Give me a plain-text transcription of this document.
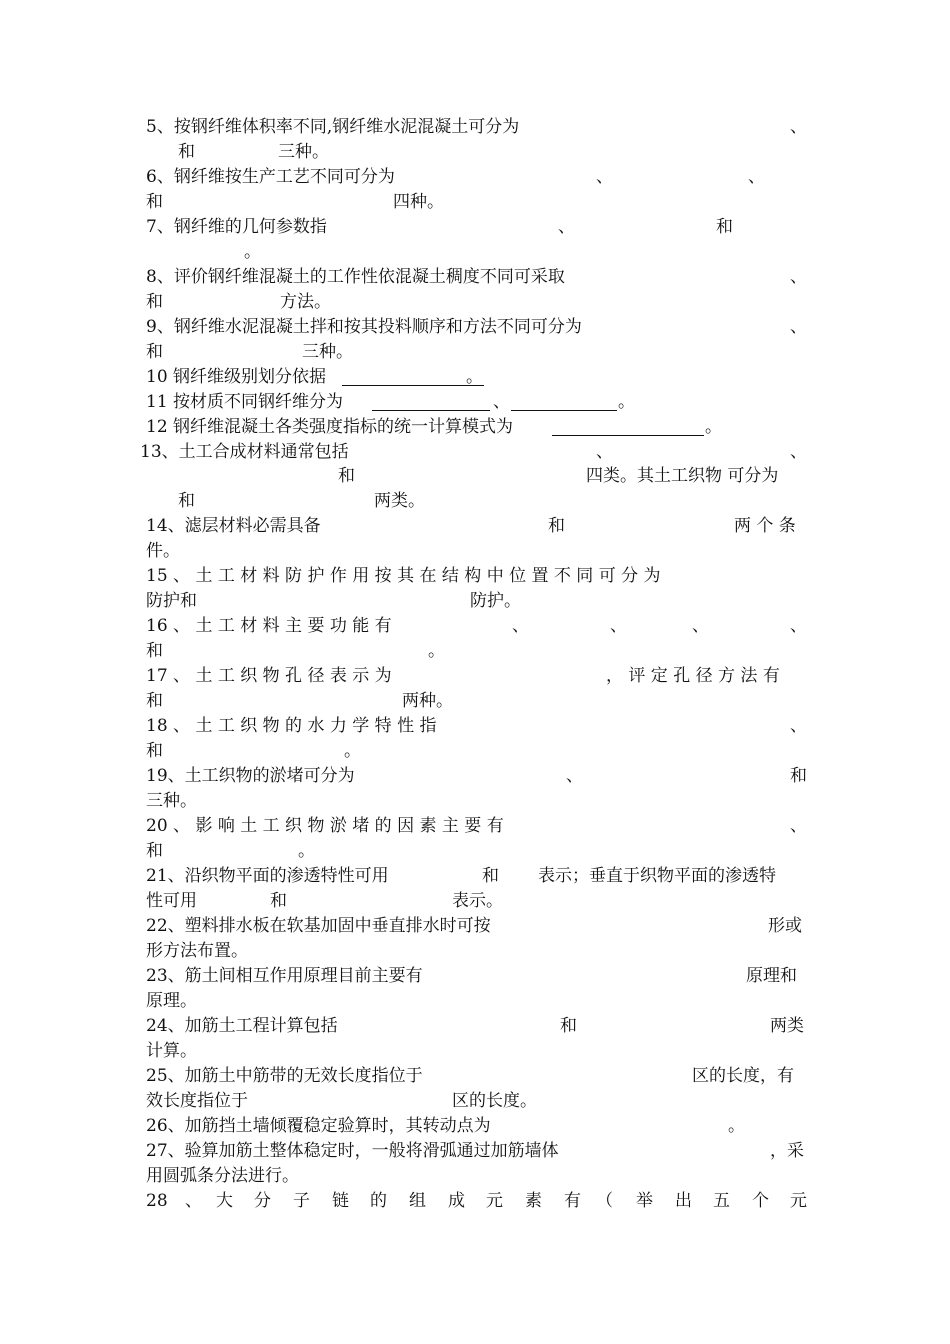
5、按钢纤维体积率不同,钢纤维水泥混凝土可分为	、
和	三种。
6、钢纤维按生产工艺不同可分为	、	、
和	四种。
7、钢纤维的几何参数指	、	和
。
8、评价钢纤维混凝土的工作性依混凝土稠度不同可采取	、
和	方法。
9、钢纤维水泥混凝土拌和按其投料顺序和方法不同可分为	、
和	三种。
10 钢纤维级别划分依据	。
11 按材质不同钢纤维分为	、	。
12 钢纤维混凝土各类强度指标的统一计算模式为	。
13、土工合成材料通常包括	、	、
和	四类。其土工织物 可分为
和	两类。
14、滤层材料必需具备	和	两 个 条
件。
15 、 土 工 材 料 防 护 作 用 按 其 在 结 构 中 位 置 不 同 可 分 为
防护和	防护。
16 、 土 工 材 料 主 要 功 能 有	、	、	、	、
和	。
17 、 土 工 织 物 孔 径 表 示 为	， 评 定 孔 径 方 法 有
和	两种。
18 、 土 工 织 物 的 水 力 学 特 性 指	、
和	。
19、土工织物的淤堵可分为	、	和
三种。
20 、 影 响 土 工 织 物 淤 堵 的 因 素 主 要 有	、
和	。
21、沿织物平面的渗透特性可用	和 表示；垂直于织物平面的渗透特
性可用	和	表示。
22、塑料排水板在软基加固中垂直排水时可按	形或
形方法布置。
23、筋土间相互作用原理目前主要有	原理和
原理。
24、加筋土工程计算包括	和	两类
计算。
25、加筋土中筋带的无效长度指位于	区的长度，有
效长度指位于	区的长度。
26、加筋挡土墙倾覆稳定验算时，其转动点为	。
27、验算加筋土整体稳定时，一般将滑弧通过加筋墙体	，采
用圆弧条分法进行。
28 、 大 分 子 链 的 组 成 元 素 有 （ 举 出 五 个 元
